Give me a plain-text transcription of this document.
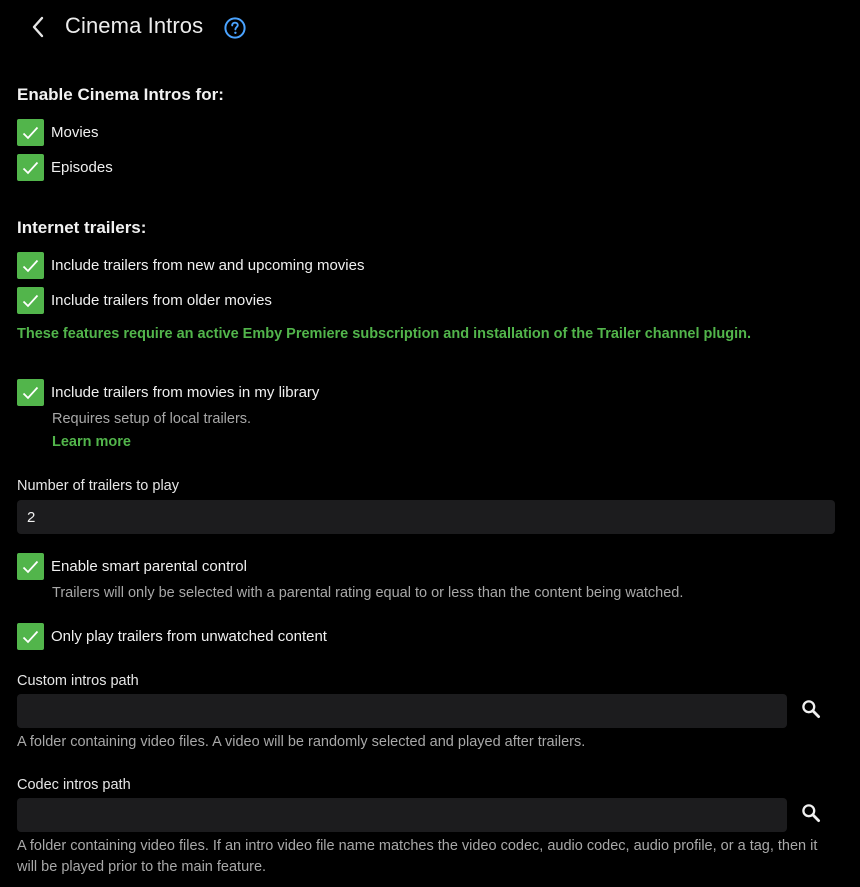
Cinema Intros
Enable Cinema Intros for:
Movies
Episodes
Internet trailers:
Include trailers from new and upcoming movies
Include trailers from older movies
These features require an active Emby Premiere subscription and installation of the Trailer channel plugin.
Include trailers from movies in my library
Requires setup of local trailers.
Learn more
Number of trailers to play
2
Enable smart parental control
Trailers will only be selected with a parental rating equal to or less than the content being watched.
Only play trailers from unwatched content
Custom intros path
A folder containing video files. A video will be randomly selected and played after trailers.
Codec intros path
A folder containing video files. If an intro video file name matches the video codec, audio codec, audio profile, or a tag, then it will be played prior to the main feature.
